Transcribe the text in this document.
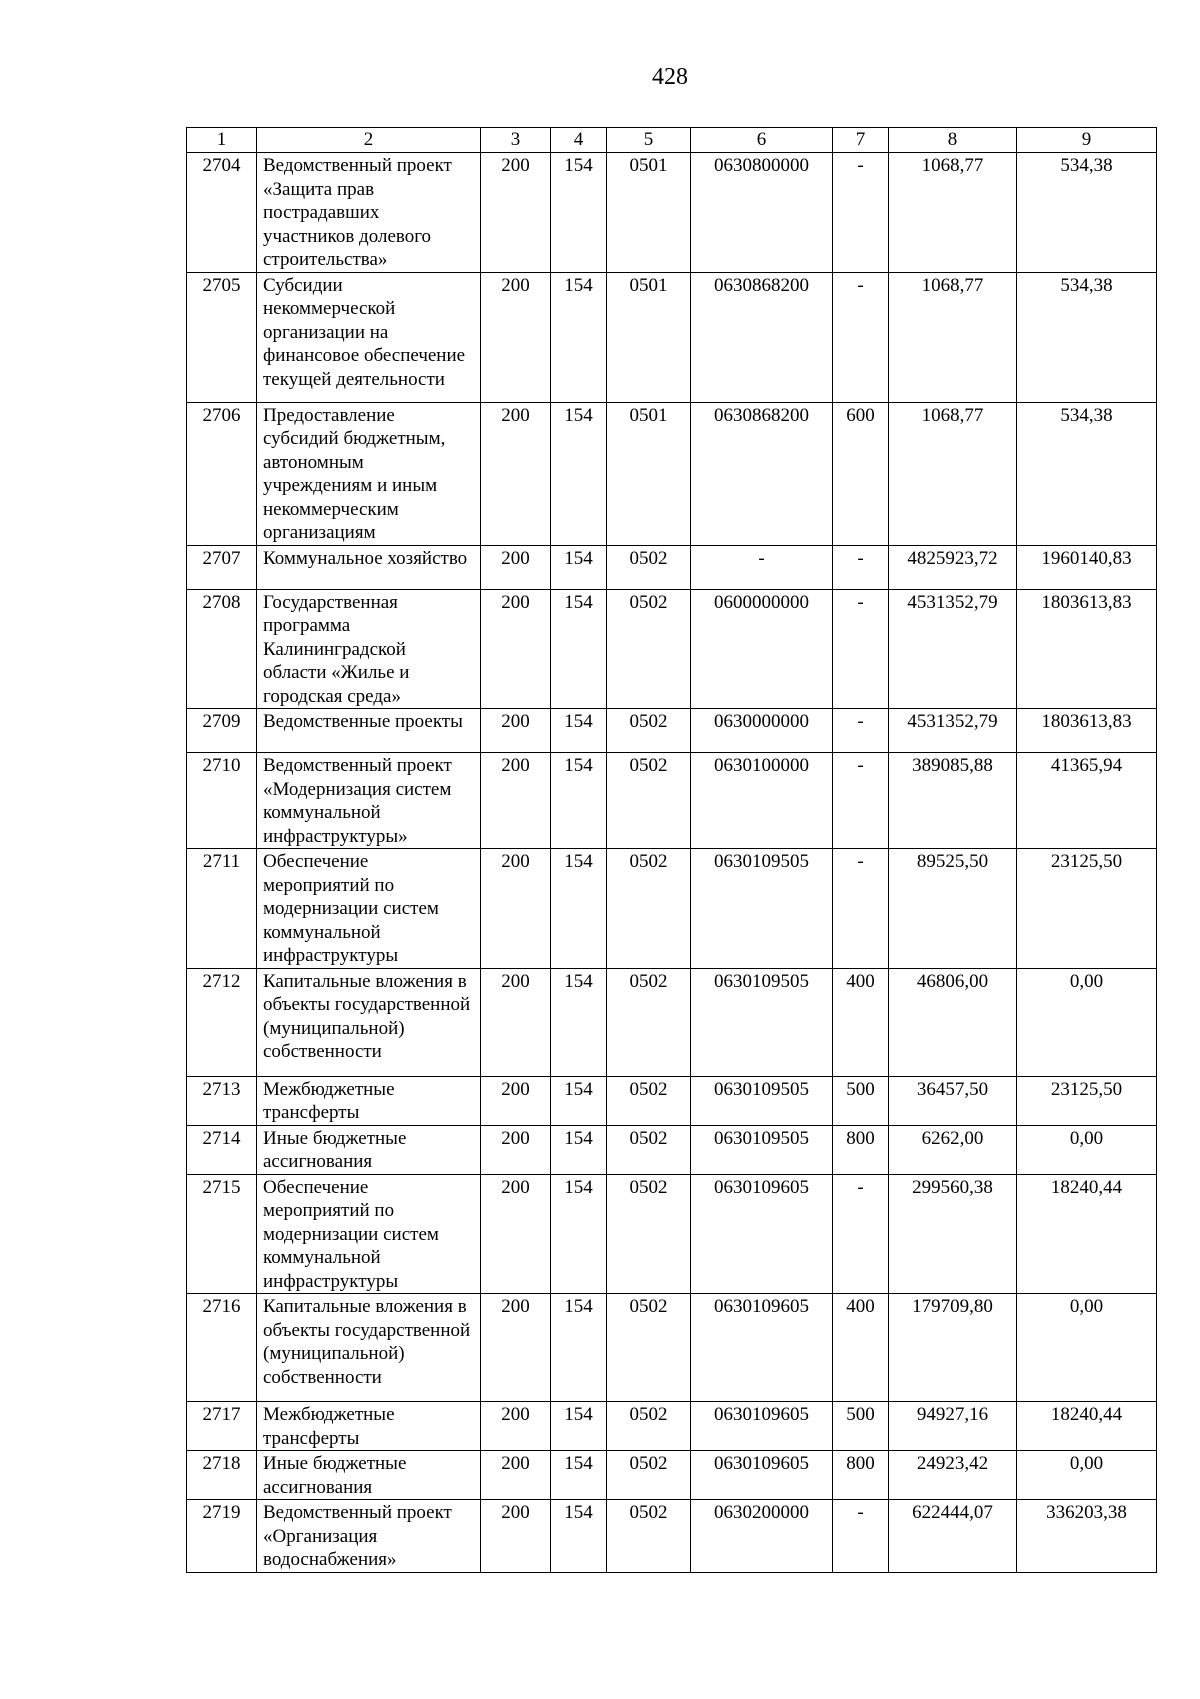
428
1	2	3	4	5	6	7	8	9
2704	Ведомственный проект «Защита прав пострадавших участников долевого строительства»	200	154	0501	0630800000	-	1068,77	534,38
2705	Субсидии некоммерческой организации на финансовое обеспечение текущей деятельности	200	154	0501	0630868200	-	1068,77	534,38
2706	Предоставление субсидий бюджетным, автономным учреждениям и иным некоммерческим организациям	200	154	0501	0630868200	600	1068,77	534,38
2707	Коммунальное хозяйство	200	154	0502	-	-	4825923,72	1960140,83
2708	Государственная программа Калининградской области «Жилье и городская среда»	200	154	0502	0600000000	-	4531352,79	1803613,83
2709	Ведомственные проекты	200	154	0502	0630000000	-	4531352,79	1803613,83
2710	Ведомственный проект «Модернизация систем коммунальной инфраструктуры»	200	154	0502	0630100000	-	389085,88	41365,94
2711	Обеспечение мероприятий по модернизации систем коммунальной инфраструктуры	200	154	0502	0630109505	-	89525,50	23125,50
2712	Капитальные вложения в объекты государственной (муниципальной) собственности	200	154	0502	0630109505	400	46806,00	0,00
2713	Межбюджетные трансферты	200	154	0502	0630109505	500	36457,50	23125,50
2714	Иные бюджетные ассигнования	200	154	0502	0630109505	800	6262,00	0,00
2715	Обеспечение мероприятий по модернизации систем коммунальной инфраструктуры	200	154	0502	0630109605	-	299560,38	18240,44
2716	Капитальные вложения в объекты государственной (муниципальной) собственности	200	154	0502	0630109605	400	179709,80	0,00
2717	Межбюджетные трансферты	200	154	0502	0630109605	500	94927,16	18240,44
2718	Иные бюджетные ассигнования	200	154	0502	0630109605	800	24923,42	0,00
2719	Ведомственный проект «Организация водоснабжения»	200	154	0502	0630200000	-	622444,07	336203,38
